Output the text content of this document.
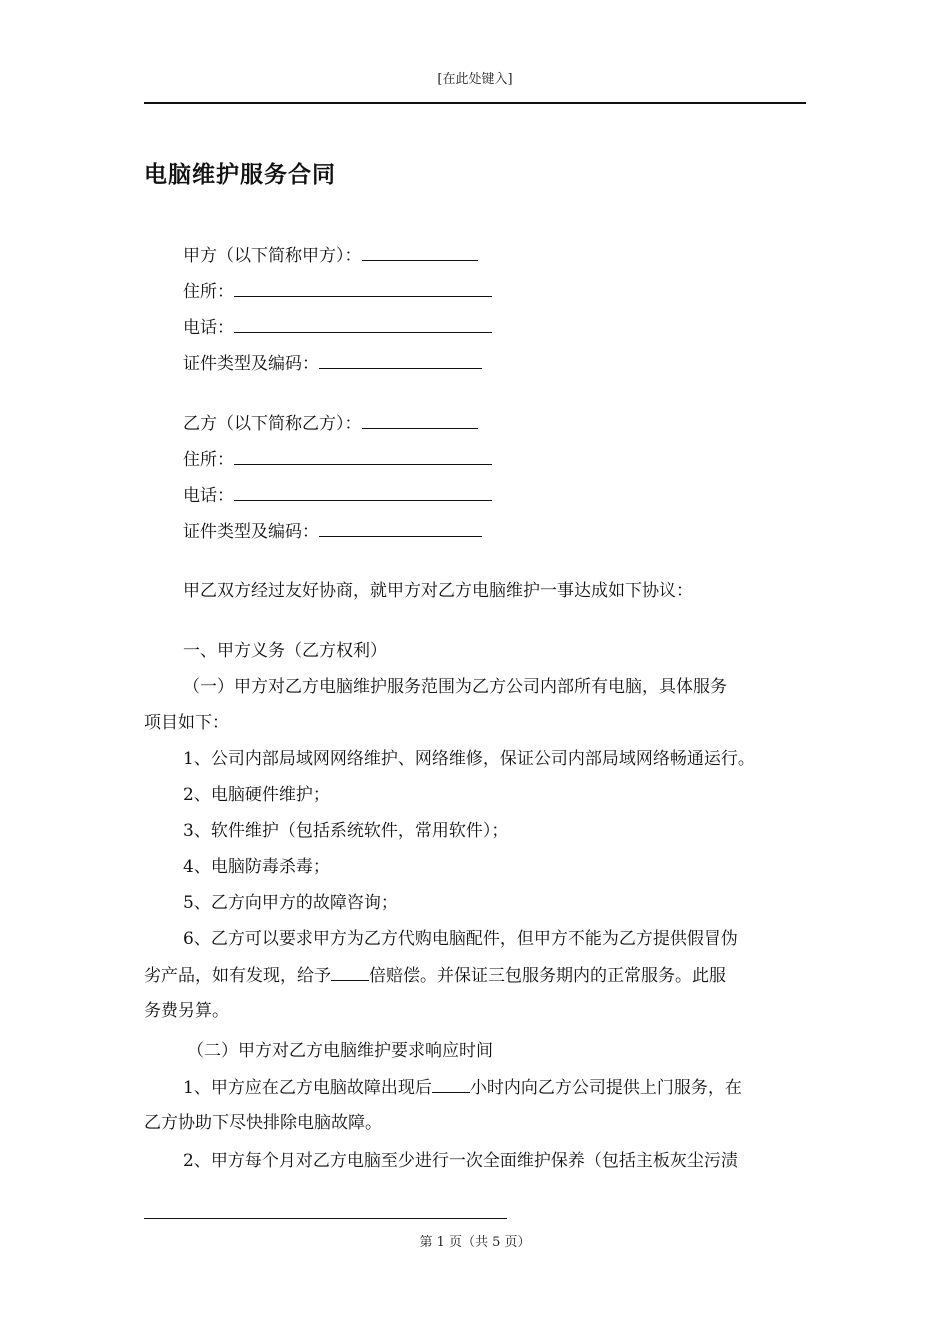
[在此处键入]
电脑维护服务合同
甲方（以下简称甲方）：
住所：
电话：
证件类型及编码：
乙方（以下简称乙方）：
住所：
电话：
证件类型及编码：
甲乙双方经过友好协商，就甲方对乙方电脑维护一事达成如下协议：
一、甲方义务（乙方权利）
（一）甲方对乙方电脑维护服务范围为乙方公司内部所有电脑，具体服务
项目如下：
1、公司内部局域网网络维护、网络维修，保证公司内部局域网络畅通运行。
2、电脑硬件维护；
3、软件维护（包括系统软件，常用软件）；
4、电脑防毒杀毒；
5、乙方向甲方的故障咨询；
6、乙方可以要求甲方为乙方代购电脑配件，但甲方不能为乙方提供假冒伪
劣产品，如有发现，给予 倍赔偿。并保证三包服务期内的正常服务。此服
务费另算。
（二）甲方对乙方电脑维护要求响应时间
1、甲方应在乙方电脑故障出现后 小时内向乙方公司提供上门服务，在
乙方协助下尽快排除电脑故障。
2、甲方每个月对乙方电脑至少进行一次全面维护保养（包括主板灰尘污渍
第 1 页（共 5 页）
